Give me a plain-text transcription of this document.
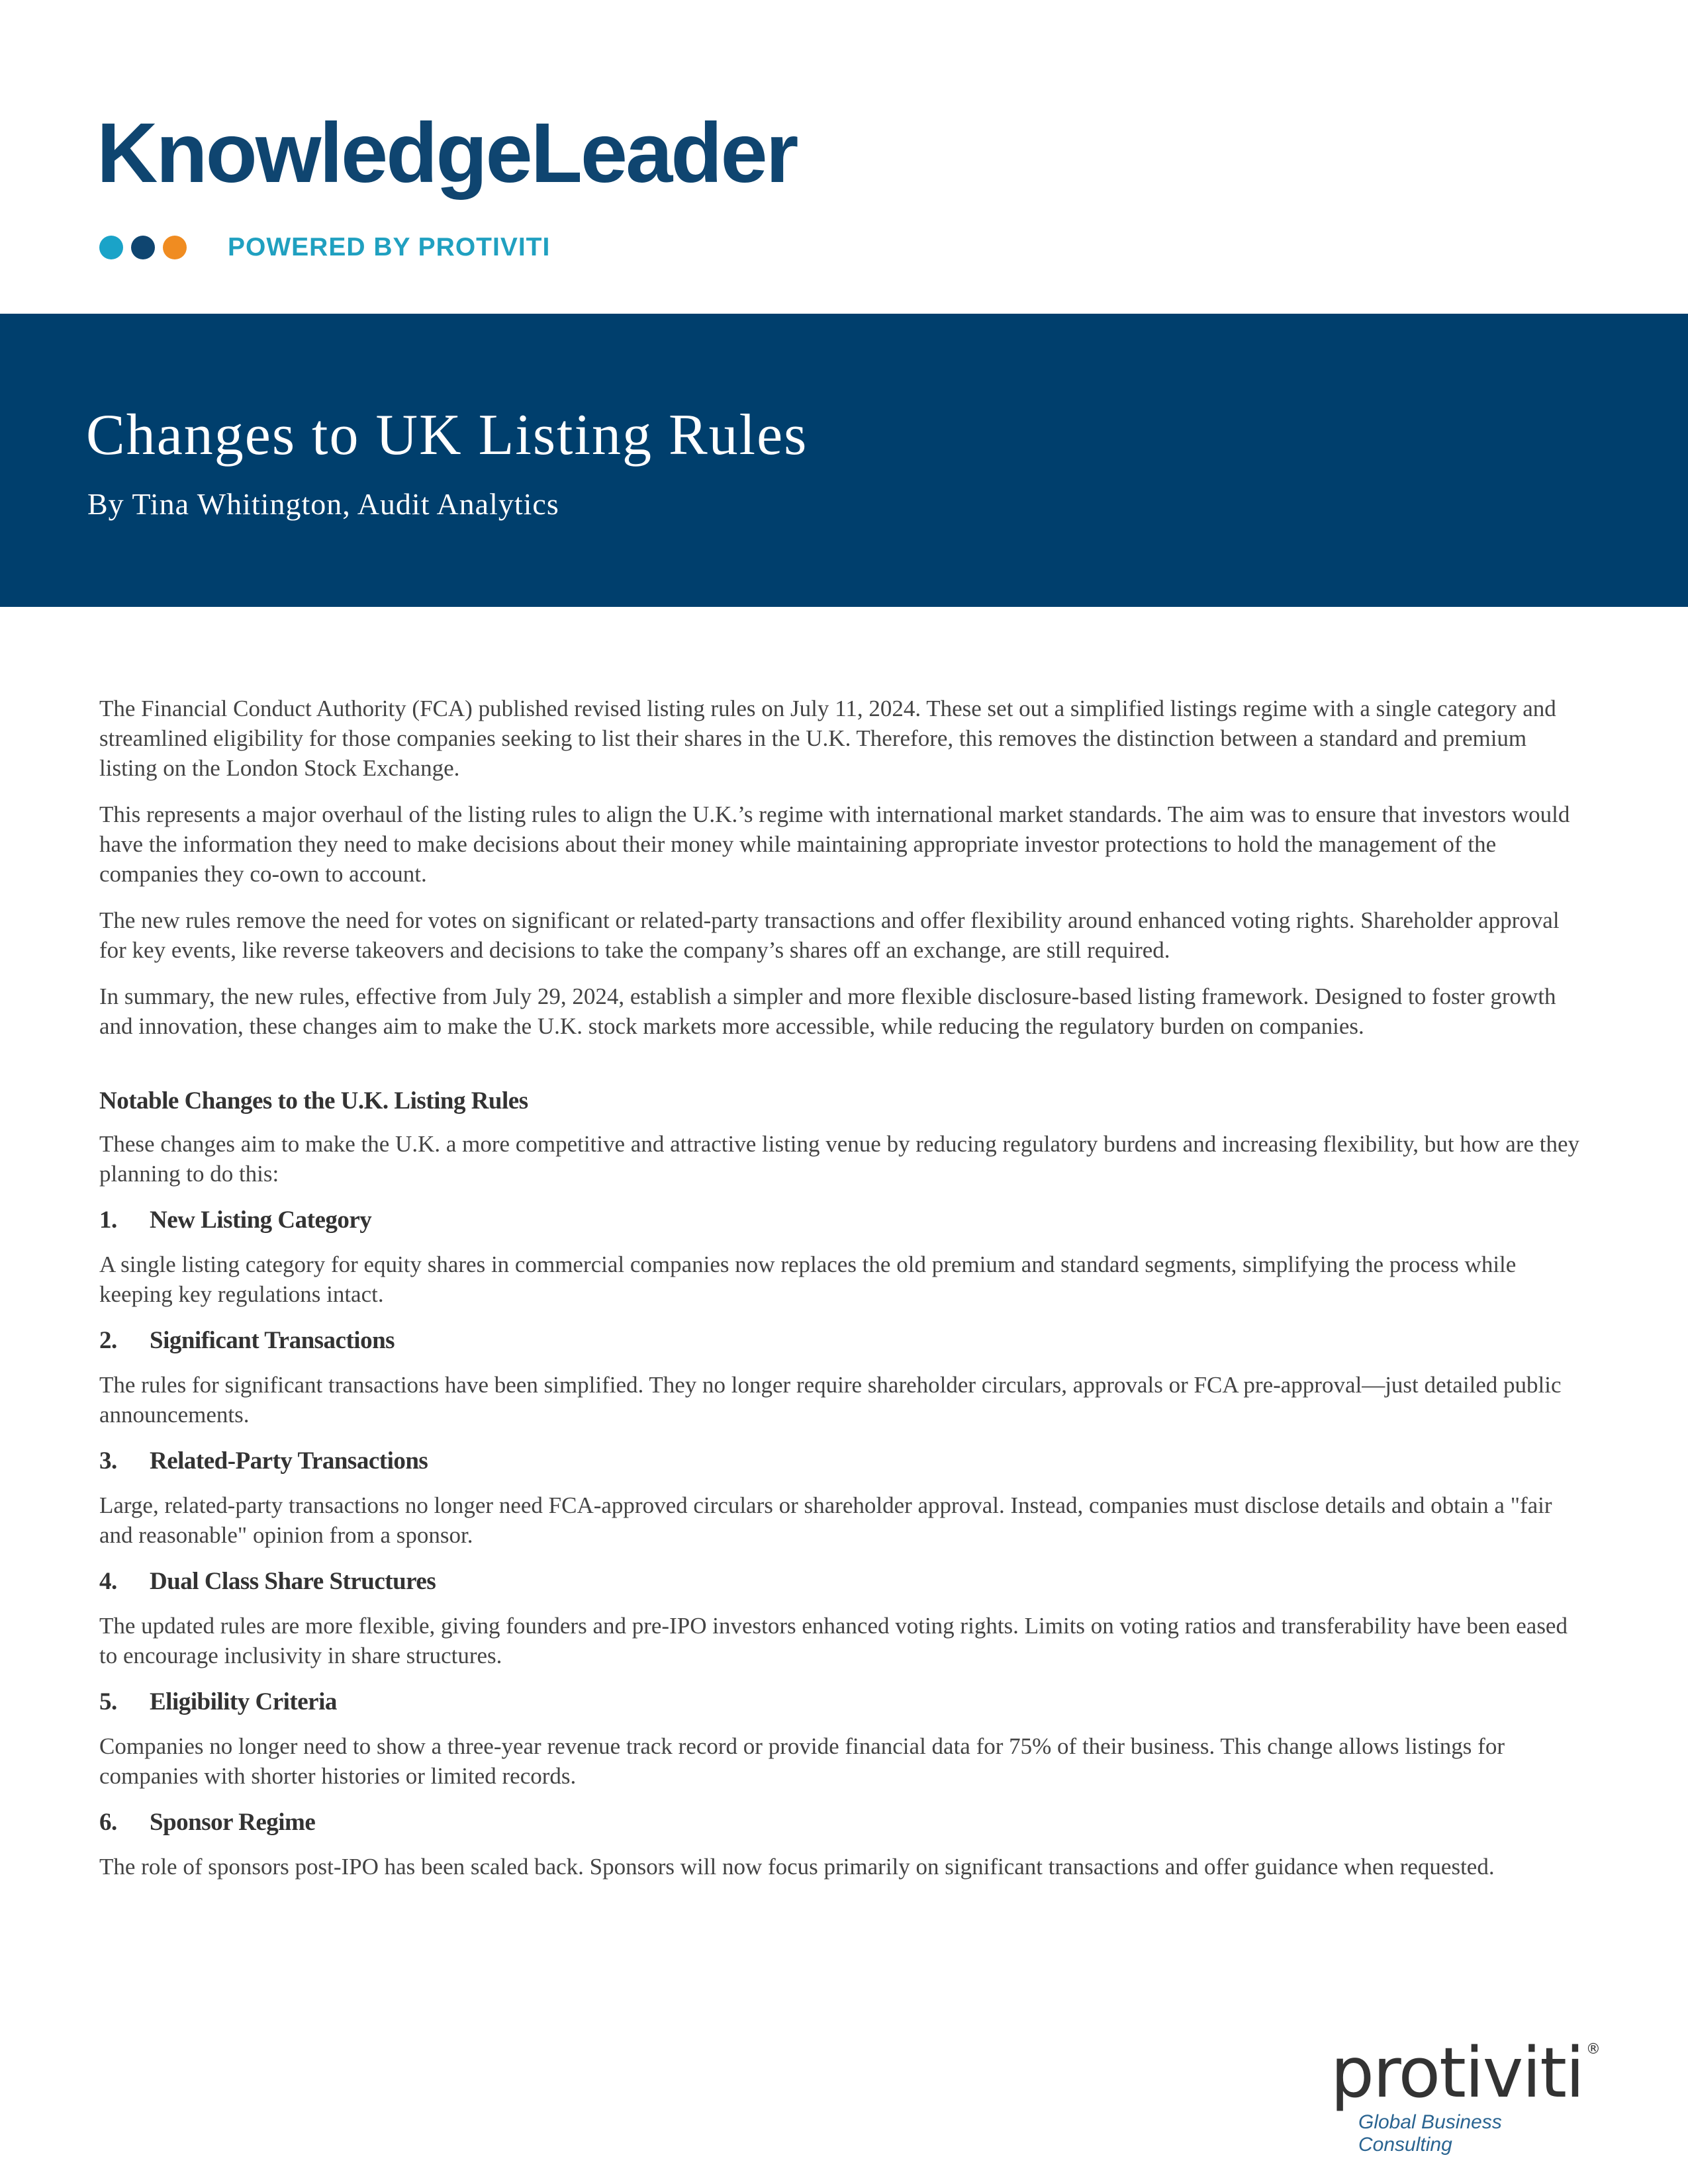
KnowledgeLeader
POWERED BY PROTIVITI
Changes to UK Listing Rules
By Tina Whitington, Audit Analytics

The Financial Conduct Authority (FCA) published revised listing rules on July 11, 2024. These set out a simplified listings regime with a single category and streamlined eligibility for those companies seeking to list their shares in the U.K. Therefore, this removes the distinction between a standard and premium listing on the London Stock Exchange.

This represents a major overhaul of the listing rules to align the U.K.’s regime with international market standards. The aim was to ensure that investors would have the information they need to make decisions about their money while maintaining appropriate investor protections to hold the management of the companies they co-own to account.

The new rules remove the need for votes on significant or related-party transactions and offer flexibility around enhanced voting rights. Shareholder approval for key events, like reverse takeovers and decisions to take the company’s shares off an exchange, are still required.

In summary, the new rules, effective from July 29, 2024, establish a simpler and more flexible disclosure-based listing framework. Designed to foster growth and innovation, these changes aim to make the U.K. stock markets more accessible, while reducing the regulatory burden on companies.

Notable Changes to the U.K. Listing Rules

These changes aim to make the U.K. a more competitive and attractive listing venue by reducing regulatory burdens and increasing flexibility, but how are they planning to do this:

1. New Listing Category

A single listing category for equity shares in commercial companies now replaces the old premium and standard segments, simplifying the process while keeping key regulations intact.

2. Significant Transactions

The rules for significant transactions have been simplified. They no longer require shareholder circulars, approvals or FCA pre-approval—just detailed public announcements.

3. Related-Party Transactions

Large, related-party transactions no longer need FCA-approved circulars or shareholder approval. Instead, companies must disclose details and obtain a "fair and reasonable" opinion from a sponsor.

4. Dual Class Share Structures

The updated rules are more flexible, giving founders and pre-IPO investors enhanced voting rights. Limits on voting ratios and transferability have been eased to encourage inclusivity in share structures.

5. Eligibility Criteria

Companies no longer need to show a three-year revenue track record or provide financial data for 75% of their business. This change allows listings for companies with shorter histories or limited records.

6. Sponsor Regime

The role of sponsors post-IPO has been scaled back. Sponsors will now focus primarily on significant transactions and offer guidance when requested.

protiviti ®
Global Business Consulting
